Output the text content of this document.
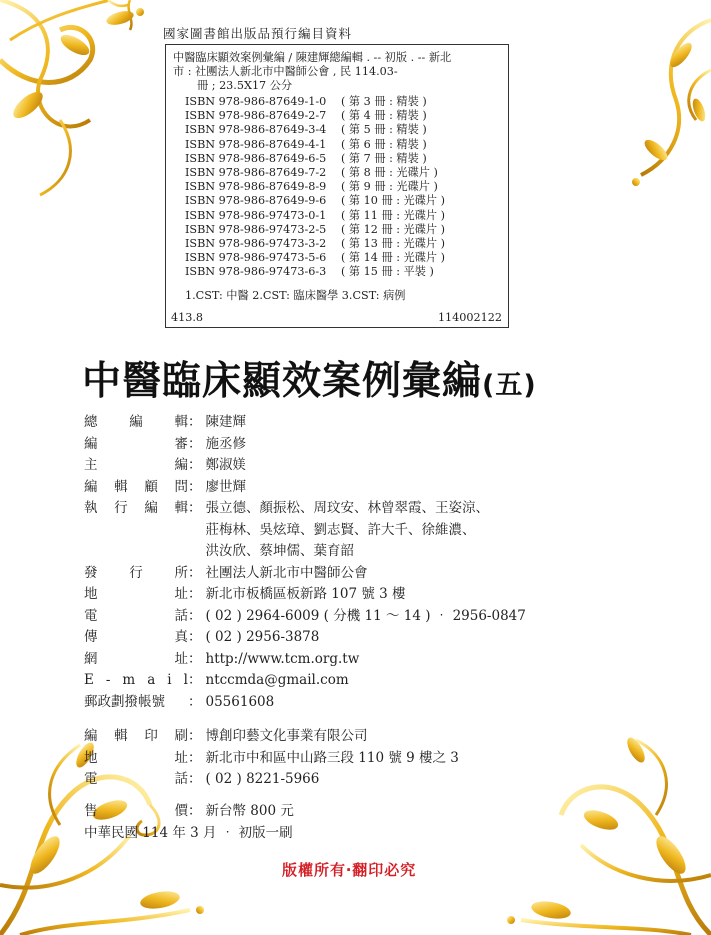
國家圖書館出版品預行編目資料
中醫臨床顯效案例彙編 / 陳建輝總編輯 . -- 初版 . -- 新北
市 : 社團法人新北市中醫師公會 , 民 114.03-
冊 ; 23.5X17 公分
ISBN 978-986-87649-1-0 ( 第 3 冊 : 精裝 )
ISBN 978-986-87649-2-7 ( 第 4 冊 : 精裝 )
ISBN 978-986-87649-3-4 ( 第 5 冊 : 精裝 )
ISBN 978-986-87649-4-1 ( 第 6 冊 : 精裝 )
ISBN 978-986-87649-6-5 ( 第 7 冊 : 精裝 )
ISBN 978-986-87649-7-2 ( 第 8 冊 : 光碟片 )
ISBN 978-986-87649-8-9 ( 第 9 冊 : 光碟片 )
ISBN 978-986-87649-9-6 ( 第 10 冊 : 光碟片 )
ISBN 978-986-97473-0-1 ( 第 11 冊 : 光碟片 )
ISBN 978-986-97473-2-5 ( 第 12 冊 : 光碟片 )
ISBN 978-986-97473-3-2 ( 第 13 冊 : 光碟片 )
ISBN 978-986-97473-5-6 ( 第 14 冊 : 光碟片 )
ISBN 978-986-97473-6-3 ( 第 15 冊 : 平裝 )
1.CST: 中醫 2.CST: 臨床醫學 3.CST: 病例
413.8	114002122
中醫臨床顯效案例彙編(五)
總 編 輯 ： 陳建輝
編	審 ： 施丞修
主	編 ： 鄭淑媄
編 輯 顧 問 ： 廖世輝
執 行 編 輯 ： 張立德、顏振松、周玟安、林曾翠霞、王姿涼、
莊梅林、吳炫璋、劉志賢、許大千、徐維濃、
洪汝欣、蔡坤儒、葉育韶
發 行 所 ： 社團法人新北市中醫師公會
地	址 ： 新北市板橋區板新路 107 號 3 樓
電	話 ： ( 02 ) 2964-6009 ( 分機 11 ～ 14 ) ‧ 2956-0847
傳	真 ： ( 02 ) 2956-3878
網	址 ： http://www.tcm.org.tw
E - m a i l ： ntccmda@gmail.com
郵政劃撥帳號 ： 05561608
編 輯 印 刷 ： 博創印藝文化事業有限公司
地	址 ： 新北市中和區中山路三段 110 號 9 樓之 3
電	話 ： ( 02 ) 8221-5966
售	價 ： 新台幣 800 元
中華民國 114 年 3 月 ‧ 初版一刷
版權所有‧翻印必究
